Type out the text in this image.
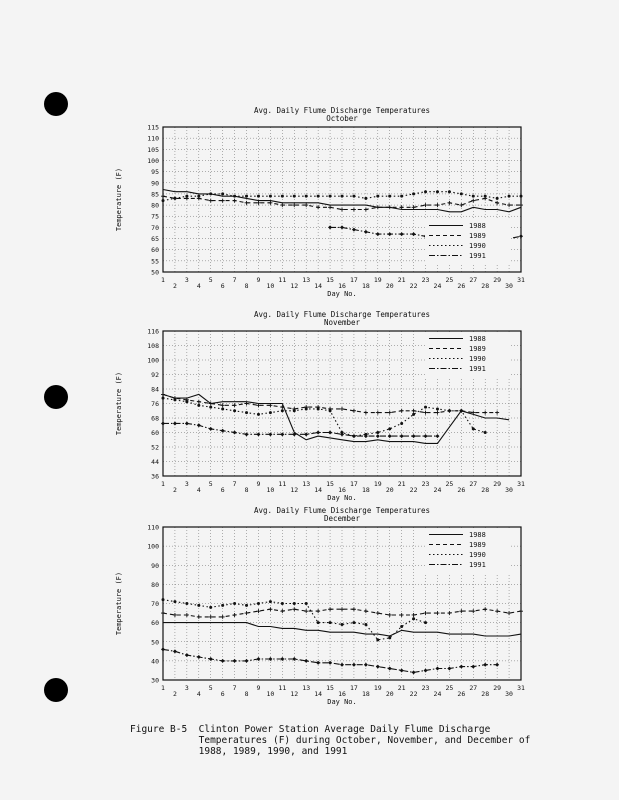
Avg. Daily Flume Discharge Temperatures
October
1
2
3
4
5
6
7
8
9
10
11
12
13
14
15
16
17
18
19
20
21
22
23
24
25
26
27
28
29
30
31
50
55
60
65
70
75
80
85
90
95
100
105
110
115
Day No.
Temperature (F)	1988
1989
1990
1991
Avg. Daily Flume Discharge Temperatures
November
1
2
3
4
5
6
7
8
9
10
11
12
13
14
15
16
17
18
19
20
21
22
23
24
25
26
27
28
29
30
31
36
44
52
60
68
76
84
92
100
108
116
Day No.
Temperature (F)
1988
1989
1990
1991
Avg. Daily Flume Discharge Temperatures
December
1
2
3
4
5
6
7
8
9
10
11
12
13
14
15
16
17
18
19
20
21
22
23
24
25
26
27
28
29
30
31
30
40
50
60
70
80
90
100
110
Day No.
Temperature (F)
1988
1989
1990
1991
Figure B-5 Clinton Power Station Average Daily Flume Discharge
Temperatures (F) during October, November, and December of
1988, 1989, 1990, and 1991
